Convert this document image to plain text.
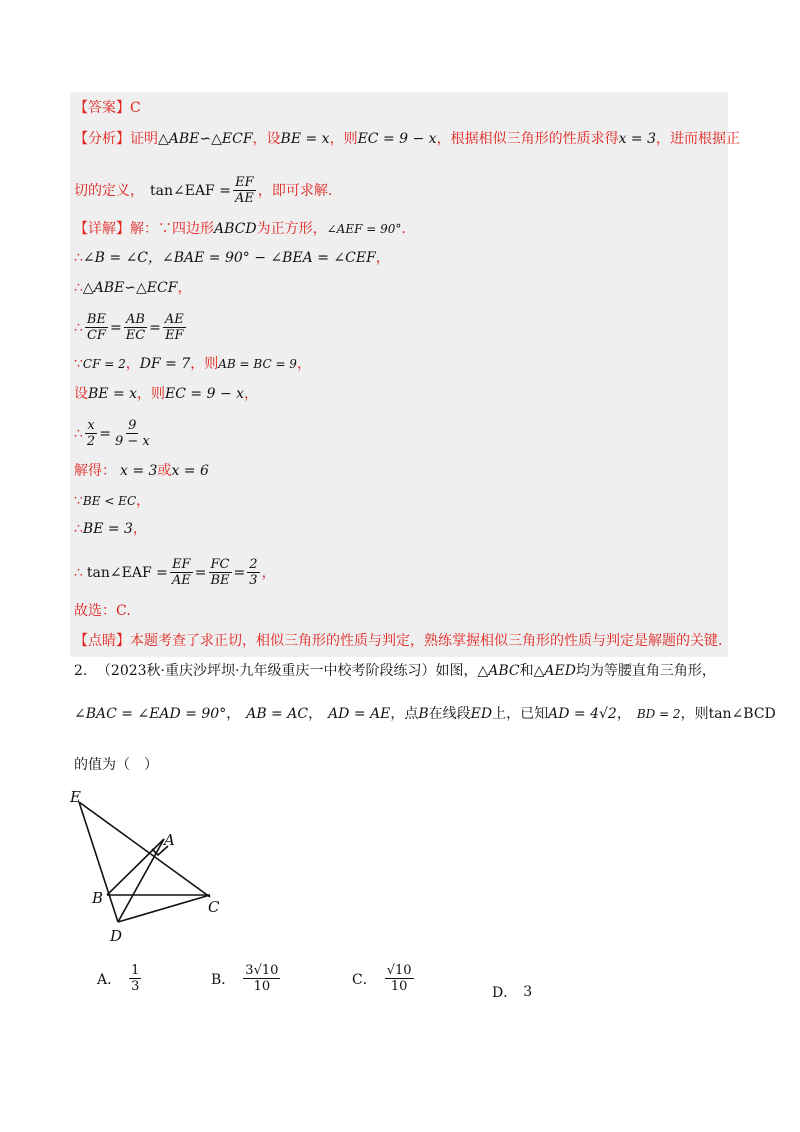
【答案】 C
【分析】 证明 △ABE∽△ECF ，设 BE = x ，则 EC = 9 − x ，根据相似三角形的性质求得 x = 3 ，进而根据正
切的定义， tan∠EAF = $\frac{EF}{AE}$ ，即可求解.
【详解】 解：∵四边形 ABCD 为正方形， ∠AEF = 90° .
∴ ∠B = ∠C，∠BAE = 90° − ∠BEA = ∠CEF ，
∴ △ABE∽△ECF ，
∴ $\frac{BE}{CF} = \frac{AB}{EC} = \frac{AE}{EF}$
∵ CF = 2 ， DF = 7 ，则 AB = BC = 9 ，
设 BE = x ，则 EC = 9 − x ，
∴ $\frac{x}{2} = \frac{9}{9 - x}$
解得： x = 3 或 x = 6
∵ BE < EC ，
∴ BE = 3 ，
∴ tan∠EAF = $\frac{EF}{AE} = \frac{FC}{BE} = \frac{2}{3}$ ，
故选：C.
【点睛】 本题考查了求正切，相似三角形的性质与判定，熟练掌握相似三角形的性质与判定是解题的关键.
2． （2023秋·重庆沙坪坝·九年级重庆一中校考阶段练习）如图， △ABC 和 △AED 均为等腰直角三角形，
∠BAC = ∠EAD = 90° ， AB = AC ， AD = AE ，点 B 在线段 ED 上，已知 AD = 4√2 ， BD = 2 ，则 tan∠BCD
的值为（　）
E
A
B	C
D
A． $\frac{1}{3}$	B． $\frac{3√10}{10}$	C． $\frac{√10}{10}$	D． 3
